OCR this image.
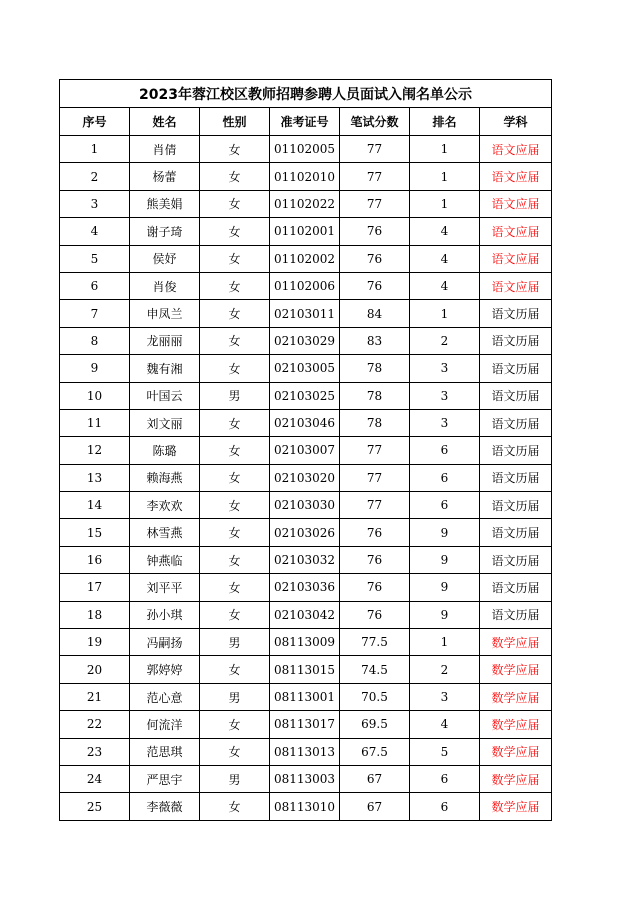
2023年蓉江校区教师招聘参聘人员面试入闱名单公示						
序号	姓名	性别	准考证号	笔试分数	排名	学科
1	肖倩	女	01102005	77	1	语文应届
2	杨蕾	女	01102010	77	1	语文应届
3	熊美娟	女	01102022	77	1	语文应届
4	谢子琦	女	01102001	76	4	语文应届
5	侯妤	女	01102002	76	4	语文应届
6	肖俊	女	01102006	76	4	语文应届
7	申凤兰	女	02103011	84	1	语文历届
8	龙丽丽	女	02103029	83	2	语文历届
9	魏有湘	女	02103005	78	3	语文历届
10	叶国云	男	02103025	78	3	语文历届
11	刘文丽	女	02103046	78	3	语文历届
12	陈璐	女	02103007	77	6	语文历届
13	赖海燕	女	02103020	77	6	语文历届
14	李欢欢	女	02103030	77	6	语文历届
15	林雪燕	女	02103026	76	9	语文历届
16	钟燕临	女	02103032	76	9	语文历届
17	刘平平	女	02103036	76	9	语文历届
18	孙小琪	女	02103042	76	9	语文历届
19	冯嗣扬	男	08113009	77.5	1	数学应届
20	郭婷婷	女	08113015	74.5	2	数学应届
21	范心意	男	08113001	70.5	3	数学应届
22	何流洋	女	08113017	69.5	4	数学应届
23	范思琪	女	08113013	67.5	5	数学应届
24	严思宇	男	08113003	67	6	数学应届
25	李薇薇	女	08113010	67	6	数学应届
